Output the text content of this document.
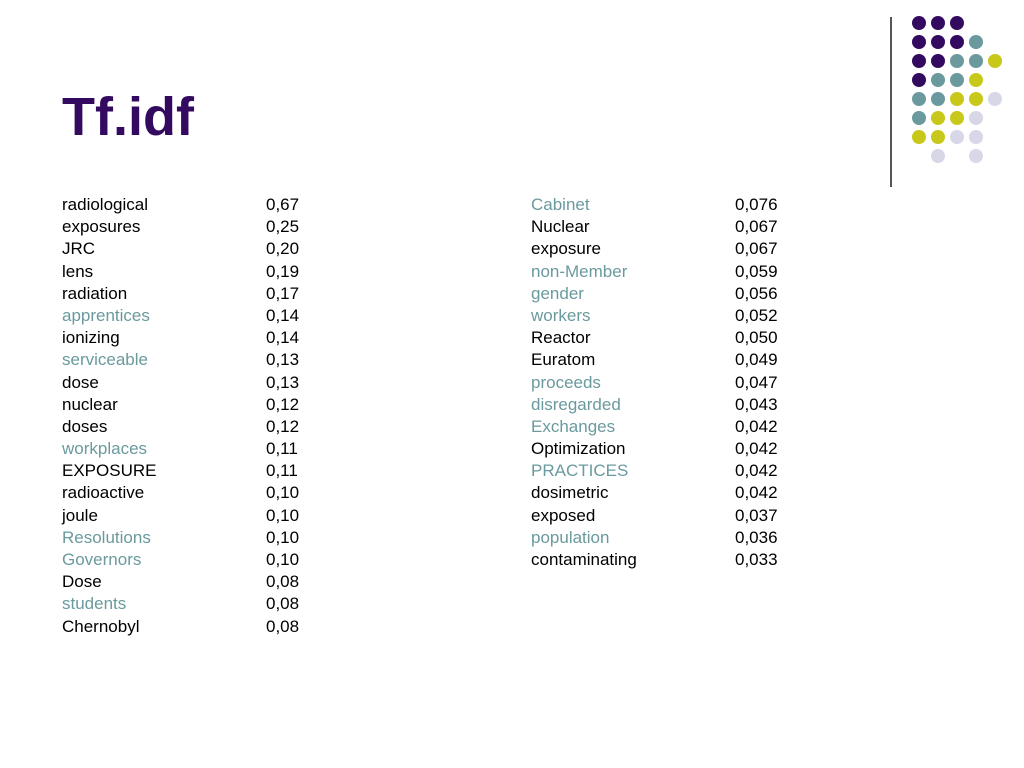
Tf.idf
radiological	0,67
exposures	0,25
JRC	0,20
lens	0,19
radiation	0,17
apprentices	0,14
ionizing	0,14
serviceable	0,13
dose	0,13
nuclear	0,12
doses	0,12
workplaces	0,11
EXPOSURE	0,11
radioactive	0,10
joule	0,10
Resolutions	0,10
Governors	0,10
Dose	0,08
students	0,08
Chernobyl	0,08
Cabinet	0,076
Nuclear	0,067
exposure	0,067
non-Member	0,059
gender	0,056
workers	0,052
Reactor	0,050
Euratom	0,049
proceeds	0,047
disregarded	0,043
Exchanges	0,042
Optimization	0,042
PRACTICES	0,042
dosimetric	0,042
exposed	0,037
population	0,036
contaminating	0,033
